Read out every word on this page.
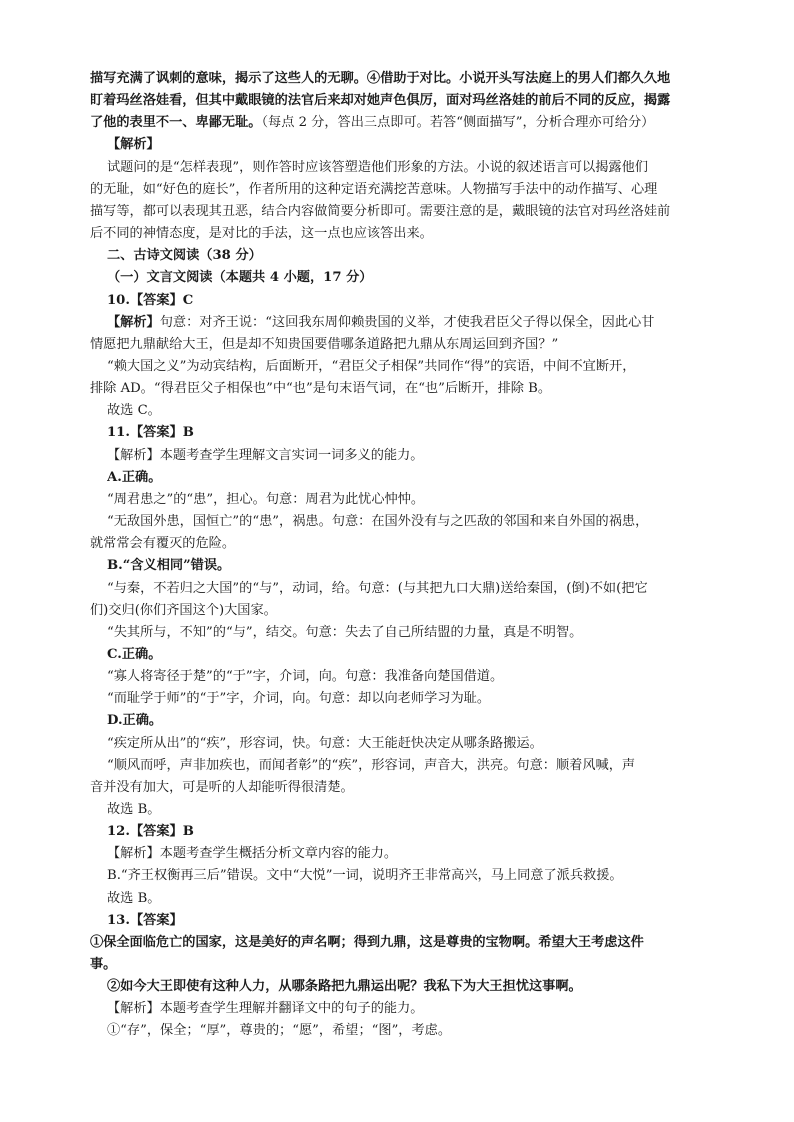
描写充满了讽刺的意味，揭示了这些人的无聊。④借助于对比。小说开头写法庭上的男人们都久久地
盯着玛丝洛娃看，但其中戴眼镜的法官后来却对她声色俱厉，面对玛丝洛娃的前后不同的反应，揭露
了他的表里不一、卑鄙无耻。（每点 2 分，答出三点即可。若答“侧面描写”，分析合理亦可给分）
【解析】
试题问的是“怎样表现”，则作答时应该答塑造他们形象的方法。小说的叙述语言可以揭露他们
的无耻，如“好色的庭长”，作者所用的这种定语充满挖苦意味。人物描写手法中的动作描写、心理
描写等，都可以表现其丑恶，结合内容做简要分析即可。需要注意的是，戴眼镜的法官对玛丝洛娃前
后不同的神情态度，是对比的手法，这一点也应该答出来。
二、古诗文阅读（38 分）
（一）文言文阅读（本题共 4 小题，17 分）
10.【答案】C
【解析】句意：对齐王说：“这回我东周仰赖贵国的义举，才使我君臣父子得以保全，因此心甘
情愿把九鼎献给大王，但是却不知贵国要借哪条道路把九鼎从东周运回到齐国？”
“赖大国之义”为动宾结构，后面断开，“君臣父子相保”共同作“得”的宾语，中间不宜断开，
排除 AD。“得君臣父子相保也”中“也”是句末语气词，在“也”后断开，排除 B。
故选 C。
11.【答案】B
【解析】本题考查学生理解文言实词一词多义的能力。
A.正确。
“周君患之”的“患”，担心。句意：周君为此忧心忡忡。
“无敌国外患，国恒亡”的“患”，祸患。句意：在国外没有与之匹敌的邻国和来自外国的祸患，
就常常会有覆灭的危险。
B.“含义相同”错误。
“与秦，不若归之大国”的“与”，动词，给。句意：(与其把九口大鼎)送给秦国，(倒)不如(把它
们)交归(你们齐国这个)大国家。
“失其所与，不知”的“与”，结交。句意：失去了自己所结盟的力量，真是不明智。
C.正确。
“寡人将寄径于楚”的“于”字，介词，向。句意：我准备向楚国借道。
“而耻学于师”的“于”字，介词，向。句意：却以向老师学习为耻。
D.正确。
“疾定所从出”的“疾”，形容词，快。句意：大王能赶快决定从哪条路搬运。
“顺风而呼，声非加疾也，而闻者彰”的“疾”，形容词，声音大，洪亮。句意：顺着风喊，声
音并没有加大，可是听的人却能听得很清楚。
故选 B。
12.【答案】B
【解析】本题考查学生概括分析文章内容的能力。
B.“齐王权衡再三后”错误。文中“大悦”一词，说明齐王非常高兴，马上同意了派兵救援。
故选 B。
13.【答案】
①保全面临危亡的国家，这是美好的声名啊；得到九鼎，这是尊贵的宝物啊。希望大王考虑这件
事。
②如今大王即使有这种人力，从哪条路把九鼎运出呢？我私下为大王担忧这事啊。
【解析】本题考查学生理解并翻译文中的句子的能力。
①“存”，保全；“厚”，尊贵的；“愿”，希望；“图”，考虑。
